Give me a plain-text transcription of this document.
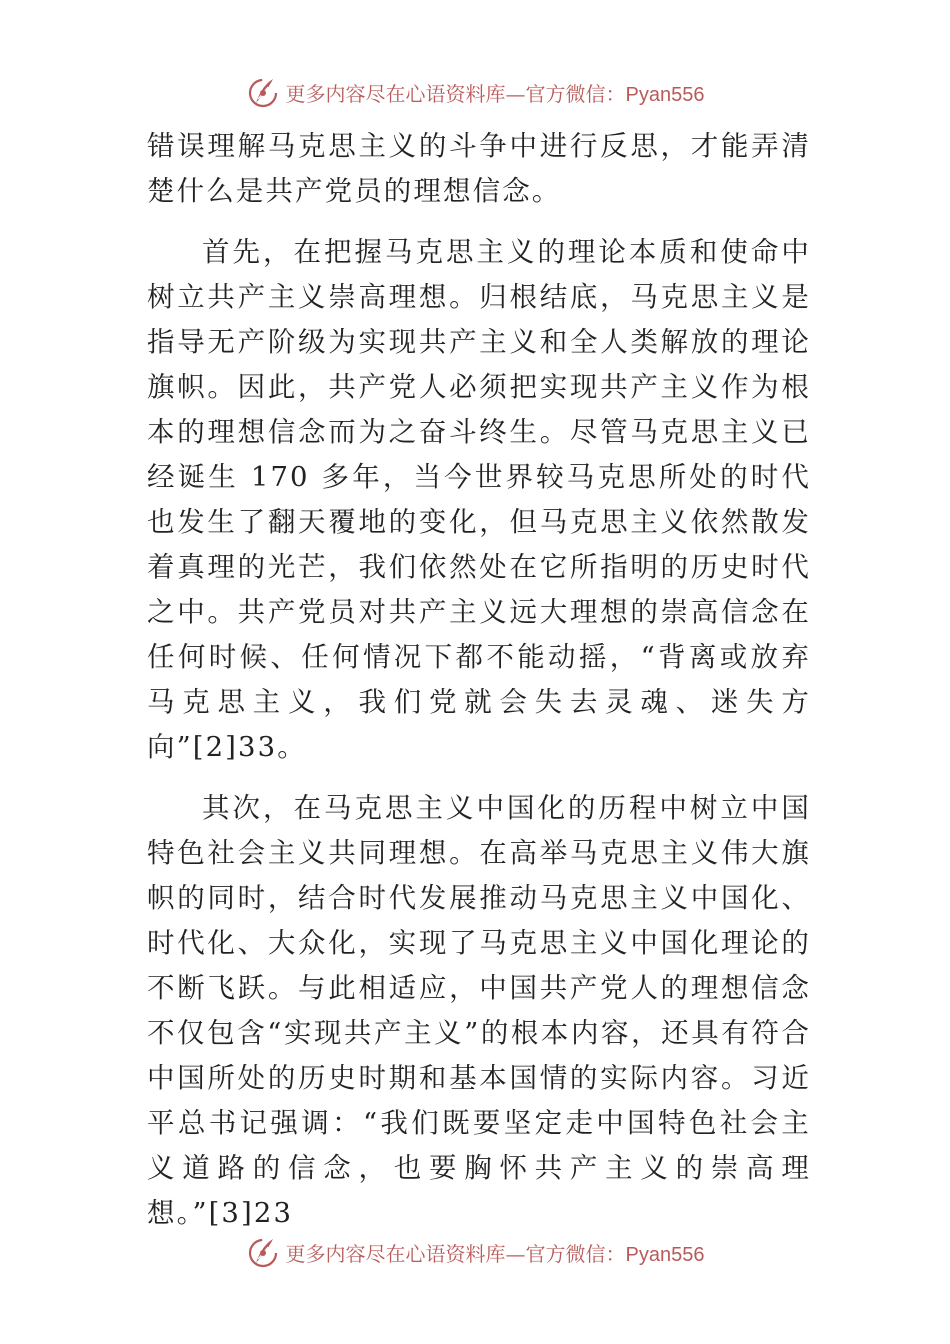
更多内容尽在心语资料库—官方微信：Pyan556

错误理解马克思主义的斗争中进行反思，才能弄清楚什么是共产党员的理想信念。

首先，在把握马克思主义的理论本质和使命中树立共产主义崇高理想。归根结底，马克思主义是指导无产阶级为实现共产主义和全人类解放的理论旗帜。因此，共产党人必须把实现共产主义作为根本的理想信念而为之奋斗终生。尽管马克思主义已经诞生 170 多年，当今世界较马克思所处的时代也发生了翻天覆地的变化，但马克思主义依然散发着真理的光芒，我们依然处在它所指明的历史时代之中。共产党员对共产主义远大理想的崇高信念在任何时候、任何情况下都不能动摇，“背离或放弃马克思主义，我们党就会失去灵魂、迷失方向”[2]33。

其次，在马克思主义中国化的历程中树立中国特色社会主义共同理想。在高举马克思主义伟大旗帜的同时，结合时代发展推动马克思主义中国化、时代化、大众化，实现了马克思主义中国化理论的不断飞跃。与此相适应，中国共产党人的理想信念不仅包含“实现共产主义”的根本内容，还具有符合中国所处的历史时期和基本国情的实际内容。习近平总书记强调：“我们既要坚定走中国特色社会主义道路的信念，也要胸怀共产主义的崇高理想。”[3]23

更多内容尽在心语资料库—官方微信：Pyan556
